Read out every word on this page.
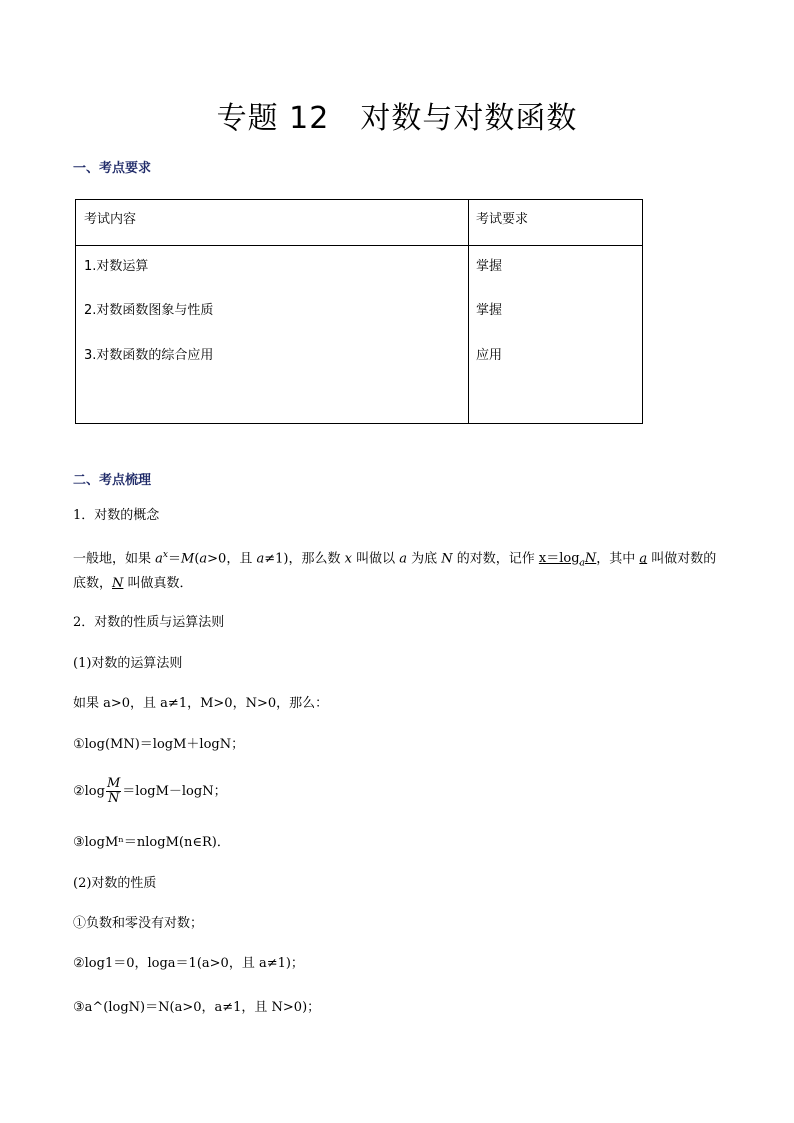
专题 12　对数与对数函数
一、考点要求
考试内容	考试要求
1.对数运算	掌握
2.对数函数图象与性质	掌握
3.对数函数的综合应用	应用
二、考点梳理
1．对数的概念
一般地，如果 $a^x=M(a>0$，且 a≠1)，那么数 x 叫做以 a 为底 N 的对数，记作 $x=\log_aN$，其中 a 叫做对数的
底数，N 叫做真数．
2．对数的性质与运算法则
(1)对数的运算法则
如果 a>0，且 a≠1，M>0，N>0，那么：
①log(MN)＝logM＋logN；
②log $\frac{M}{N} =\log M-\log N$；
③logMⁿ＝nlogM(n∈R)．
(2)对数的性质
①负数和零没有对数；
②log1＝0，loga＝1(a>0，且 a≠1)；
③a^(logN)＝N(a>0，a≠1，且 N>0)；
